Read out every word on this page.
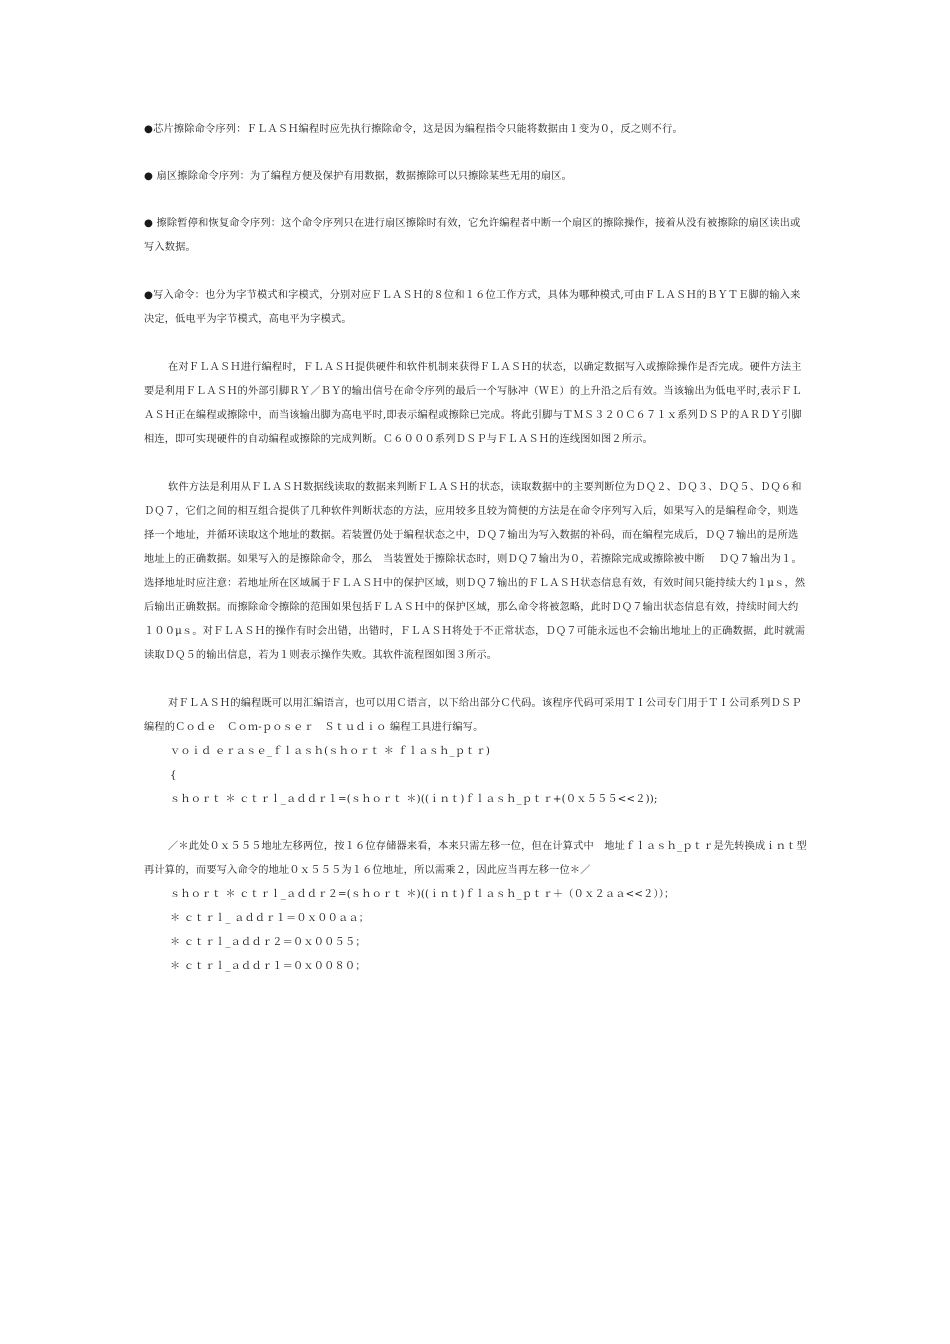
●芯片擦除命令序列：ＦＬＡＳＨ编程时应先执行擦除命令，这是因为编程指令只能将数据由１变为０，反之则不行。

● 扇区擦除命令序列：为了编程方便及保护有用数据，数据擦除可以只擦除某些无用的扇区。

● 擦除暂停和恢复命令序列：这个命令序列只在进行扇区擦除时有效，它允许编程者中断一个扇区的擦除操作，接着从没有被擦除的扇区读出或写入数据。

●写入命令：也分为字节模式和字模式，分别对应ＦＬＡＳＨ的８位和１６位工作方式，具体为哪种模式,可由ＦＬＡＳＨ的ＢＹＴＥ脚的输入来决定，低电平为字节模式，高电平为字模式。

在对ＦＬＡＳＨ进行编程时，ＦＬＡＳＨ提供硬件和软件机制来获得ＦＬＡＳＨ的状态，以确定数据写入或擦除操作是否完成。硬件方法主要是利用ＦＬＡＳＨ的外部引脚ＲＹ／ＢＹ的输出信号在命令序列的最后一个写脉冲（ＷＥ）的上升沿之后有效。当该输出为低电平时,表示ＦＬＡＳＨ正在编程或擦除中，而当该输出脚为高电平时,即表示编程或擦除已完成。将此引脚与ＴＭＳ３２０Ｃ６７１ｘ系列ＤＳＰ的ＡＲＤＹ引脚相连，即可实现硬件的自动编程或擦除的完成判断。Ｃ６０００系列ＤＳＰ与ＦＬＡＳＨ的连线图如图２所示。

软件方法是利用从ＦＬＡＳＨ数据线读取的数据来判断ＦＬＡＳＨ的状态，读取数据中的主要判断位为ＤＱ２、ＤＱ３、ＤＱ５、ＤＱ６和ＤＱ７，它们之间的相互组合提供了几种软件判断状态的方法，应用较多且较为简便的方法是在命令序列写入后，如果写入的是编程命令，则选择一个地址，并循环读取这个地址的数据。若装置仍处于编程状态之中，ＤＱ７输出为写入数据的补码，而在编程完成后，ＤＱ７输出的是所选地址上的正确数据。如果写入的是擦除命令，那么　当装置处于擦除状态时，则ＤＱ７输出为０，若擦除完成或擦除被中断　 ＤＱ７输出为１。选择地址时应注意：若地址所在区域属于ＦＬＡＳＨ中的保护区域，则ＤＱ７输出的ＦＬＡＳＨ状态信息有效，有效时间只能持续大约１μｓ，然后输出正确数据。而擦除命令擦除的范围如果包括ＦＬＡＳＨ中的保护区域，那么命令将被忽略，此时ＤＱ７输出状态信息有效，持续时间大约１００μｓ。对ＦＬＡＳＨ的操作有时会出错，出错时，ＦＬＡＳＨ将处于不正常状态，ＤＱ７可能永远也不会输出地址上的正确数据，此时就需读取ＤＱ５的输出信息，若为１则表示操作失败。其软件流程图如图３所示。

对ＦＬＡＳＨ的编程既可以用汇编语言，也可以用Ｃ语言，以下给出部分Ｃ代码。该程序代码可采用ＴＩ公司专门用于ＴＩ公司系列ＤＳＰ编程的Ｃｏｄｅ　Ｃｏｍ-ｐｏｓｅｒ　Ｓｔｕｄｉｏ 编程工具进行编写。

ｖｏｉｄ ｅｒａｓｅ_ｆｌａｓｈ(ｓｈｏｒｔ ＊ ｆｌａｓｈ_ｐｔｒ)

{

ｓｈｏｒｔ ＊ ｃｔｒｌ_ａｄｄｒ１=(ｓｈｏｒｔ ＊)((ｉｎｔ)ｆｌａｓｈ_ｐｔｒ+(０ｘ５５５<<２));

／＊此处０ｘ５５５地址左移两位，按１６位存储器来看，本来只需左移一位，但在计算式中　地址ｆｌａｓｈ_ｐｔｒ是先转换成ｉｎｔ型再计算的，而要写入命令的地址０ｘ５５５为１６位地址，所以需乘２，因此应当再左移一位＊／

ｓｈｏｒｔ ＊ ｃｔｒｌ_ａｄｄｒ２=(ｓｈｏｒｔ ＊)((ｉｎｔ)ｆｌａｓｈ_ｐｔｒ＋（０ｘ２ａａ<<２））；

＊ ｃｔｒｌ_ ａｄｄｒ１＝０ｘ００ａａ；

＊ ｃｔｒｌ_ａｄｄｒ２＝０ｘ００５５；

＊ ｃｔｒｌ_ａｄｄｒ１＝０ｘ００８０；
